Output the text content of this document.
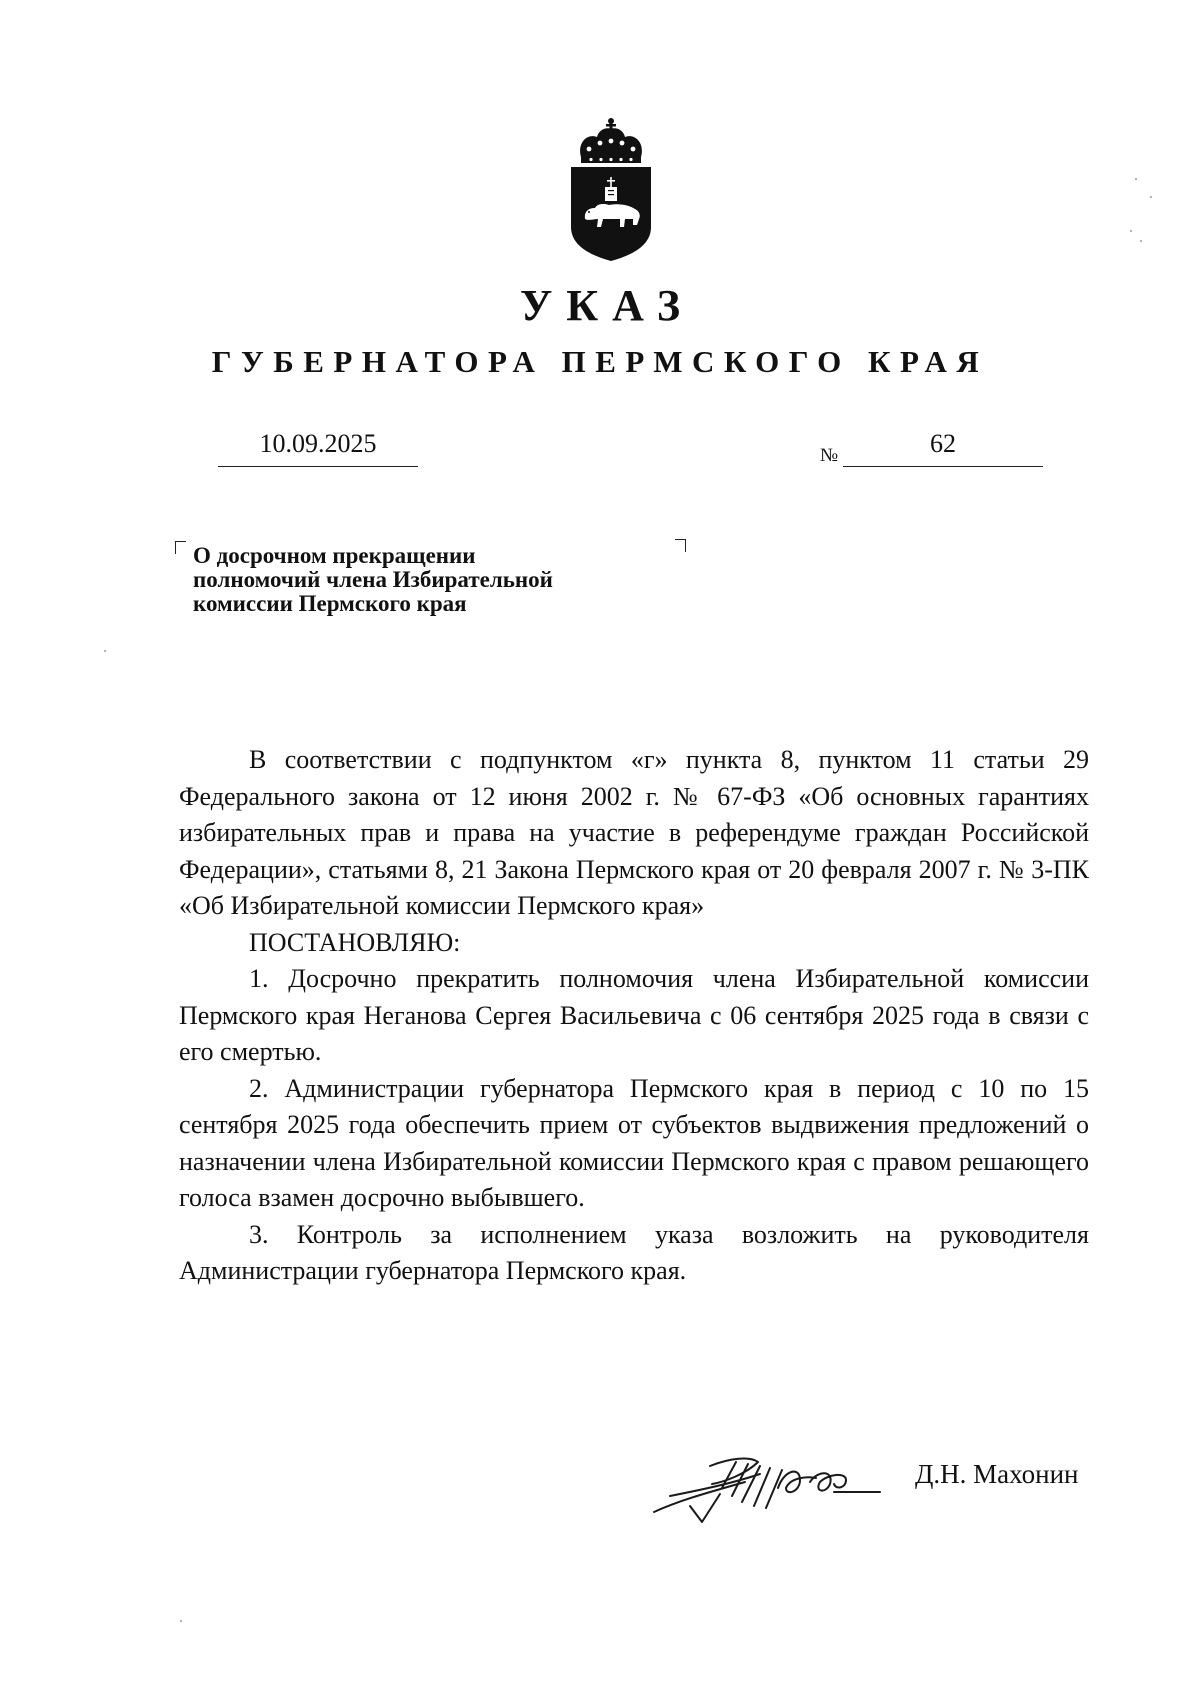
УКАЗ
ГУБЕРНАТОРА ПЕРМСКОГО КРАЯ
10.09.2025	№	62
О досрочном прекращении
полномочий члена Избирательной
комиссии Пермского края

В соответствии с подпунктом «г» пункта 8, пунктом 11 статьи 29 Федерального закона от 12 июня 2002 г. № 67-ФЗ «Об основных гарантиях избирательных прав и права на участие в референдуме граждан Российской Федерации», статьями 8, 21 Закона Пермского края от 20 февраля 2007 г. № 3-ПК «Об Избирательной комиссии Пермского края»

ПОСТАНОВЛЯЮ:

1. Досрочно прекратить полномочия члена Избирательной комиссии Пермского края Неганова Сергея Васильевича с 06 сентября 2025 года в связи с его смертью.

2. Администрации губернатора Пермского края в период с 10 по 15 сентября 2025 года обеспечить прием от субъектов выдвижения предложений о назначении члена Избирательной комиссии Пермского края с правом решающего голоса взамен досрочно выбывшего.

3. Контроль за исполнением указа возложить на руководителя Администрации губернатора Пермского края.

Д.Н. Махонин
